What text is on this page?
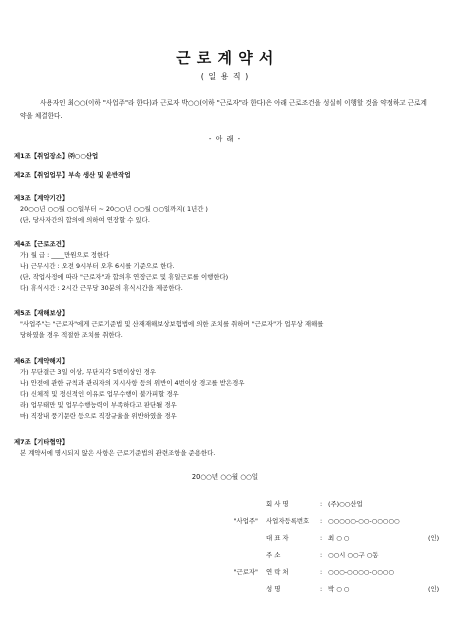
근 로 계 약 서
( 일 용 직 )
사용자인 최○○(이하 "사업주"라 한다)과 근로자 박○○(이하 "근로자"라 한다)은 아래 근로조건을 성실히 이행할 것을 약정하고 근로계약을 체결한다.
- 아 래 -
제1조【취업장소】㈜○○산업
제2조【취업업무】부속 생산 및 운반작업
제3조【계약기간】
20○○년 ○○월 ○○일부터 ~ 20○○년 ○○월 ○○일까지( 1년간 )
(단, 당사자간의 합의에 의하여 연장할 수 있다.
제4조【근로조건】
가) 월 급 : ____만원으로 정한다
나) 근무시간 : 오전 9시부터 오후 6시를 기준으로 한다.
(단, 작업사정에 따라 "근로자"과 합의후 연장근로 및 휴일근로를 이행한다)
다) 휴식시간 : 2시간 근무당 30분의 휴식시간을 제공한다.
제5조【재해보상】
"사업주"는 "근로자"에게 근로기준법 및 산재재해보상보험법에 의한 조치를 취하며 "근로자"가 업무상 재해를
당하였을 경우 적절한 조치를 취한다.
제6조【계약해지】
가) 무단결근 3일 이상, 무단지각 5번이상인 경우
나) 안전에 관한 규칙과 관리자의 지시사항 등의 위반이 4번이상 경고를 받은경우
다) 신체적 및 정신적인 이유로 업무수행이 불가피할 경우
라) 업무태만 및 업무수행능력이 부족하다고 판단될 경우
마) 직장내 풍기문란 등으로 직장규율을 위반하였을 경우
제7조【기타협약】
본 계약서에 명시되지 않은 사항은 근로기준법의 관련조항을 준용한다.
20○○년 ○○월 ○○일
	회 사 명	:	(주)○○산업	
"사업주"	사업자등록번호	:	○○○○○-○○-○○○○○	
	대 표 자	:	최 ○ ○	(인)
	주 소	:	○○시 ○○구 ○동	
"근로자"	연 락 처	:	○○○-○○○○-○○○○	
	성 명	:	박 ○ ○	(인)
